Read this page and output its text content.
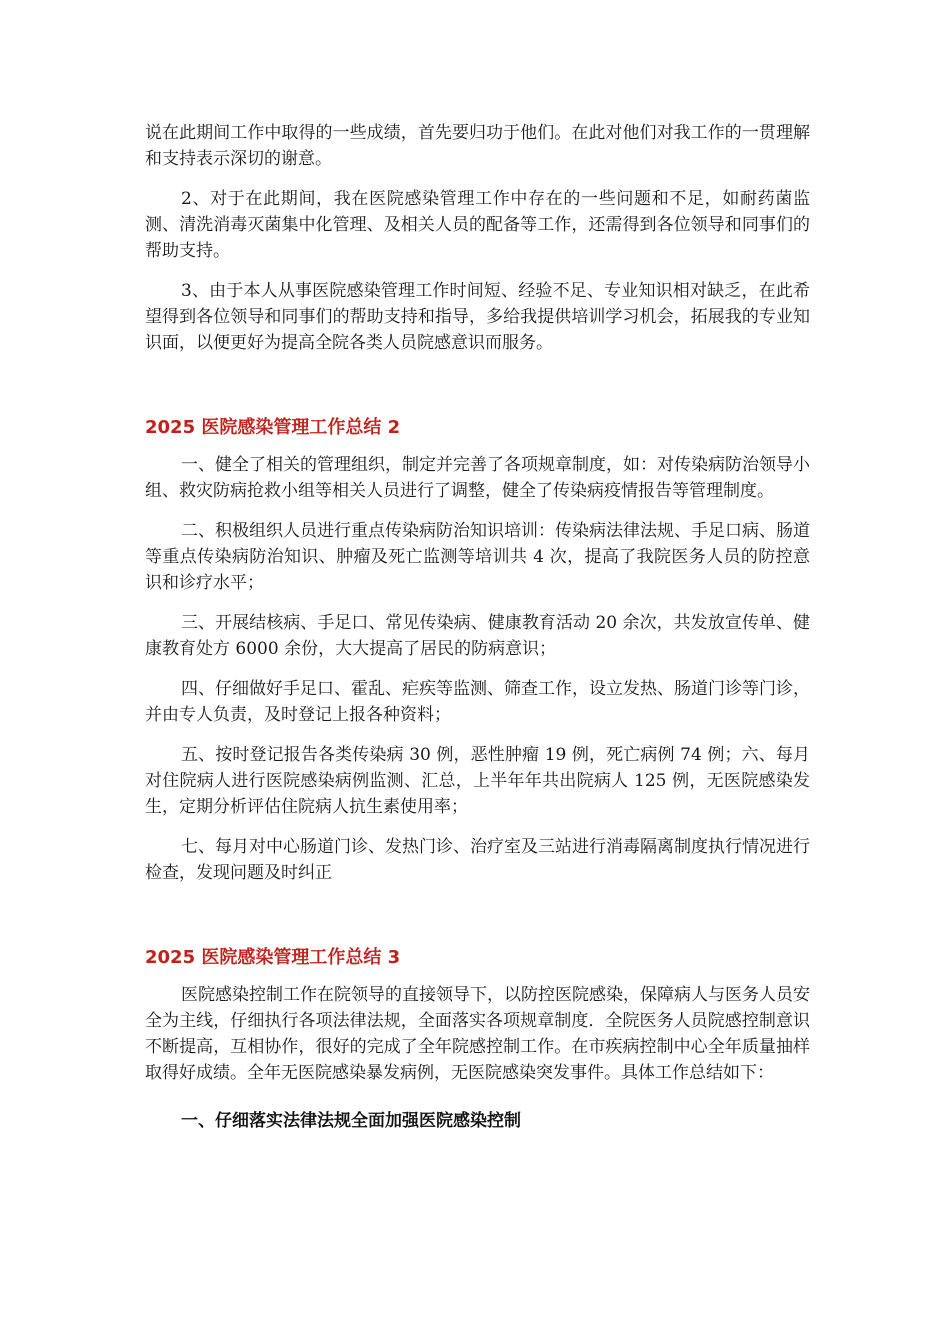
说在此期间工作中取得的一些成绩，首先要归功于他们。在此对他们对我工作的一贯理解和支持表示深切的谢意。

2、对于在此期间，我在医院感染管理工作中存在的一些问题和不足，如耐药菌监测、清洗消毒灭菌集中化管理、及相关人员的配备等工作，还需得到各位领导和同事们的帮助支持。

3、由于本人从事医院感染管理工作时间短、经验不足、专业知识相对缺乏，在此希望得到各位领导和同事们的帮助支持和指导，多给我提供培训学习机会，拓展我的专业知识面，以便更好为提高全院各类人员院感意识而服务。

2025 医院感染管理工作总结 2

一、健全了相关的管理组织，制定并完善了各项规章制度，如：对传染病防治领导小组、救灾防病抢救小组等相关人员进行了调整，健全了传染病疫情报告等管理制度。

二、积极组织人员进行重点传染病防治知识培训：传染病法律法规、手足口病、肠道等重点传染病防治知识、肿瘤及死亡监测等培训共 4 次，提高了我院医务人员的防控意识和诊疗水平；

三、开展结核病、手足口、常见传染病、健康教育活动 20 余次，共发放宣传单、健康教育处方 6000 余份，大大提高了居民的防病意识；

四、仔细做好手足口、霍乱、疟疾等监测、筛查工作，设立发热、肠道门诊等门诊，并由专人负责，及时登记上报各种资料；

五、按时登记报告各类传染病 30 例，恶性肿瘤 19 例，死亡病例 74 例；六、每月对住院病人进行医院感染病例监测、汇总，上半年年共出院病人 125 例，无医院感染发生，定期分析评估住院病人抗生素使用率；

七、每月对中心肠道门诊、发热门诊、治疗室及三站进行消毒隔离制度执行情况进行检查，发现问题及时纠正

2025 医院感染管理工作总结 3

医院感染控制工作在院领导的直接领导下，以防控医院感染，保障病人与医务人员安全为主线，仔细执行各项法律法规，全面落实各项规章制度．全院医务人员院感控制意识不断提高，互相协作，很好的完成了全年院感控制工作。在市疾病控制中心全年质量抽样取得好成绩。全年无医院感染暴发病例，无医院感染突发事件。具体工作总结如下：

一、仔细落实法律法规全面加强医院感染控制
